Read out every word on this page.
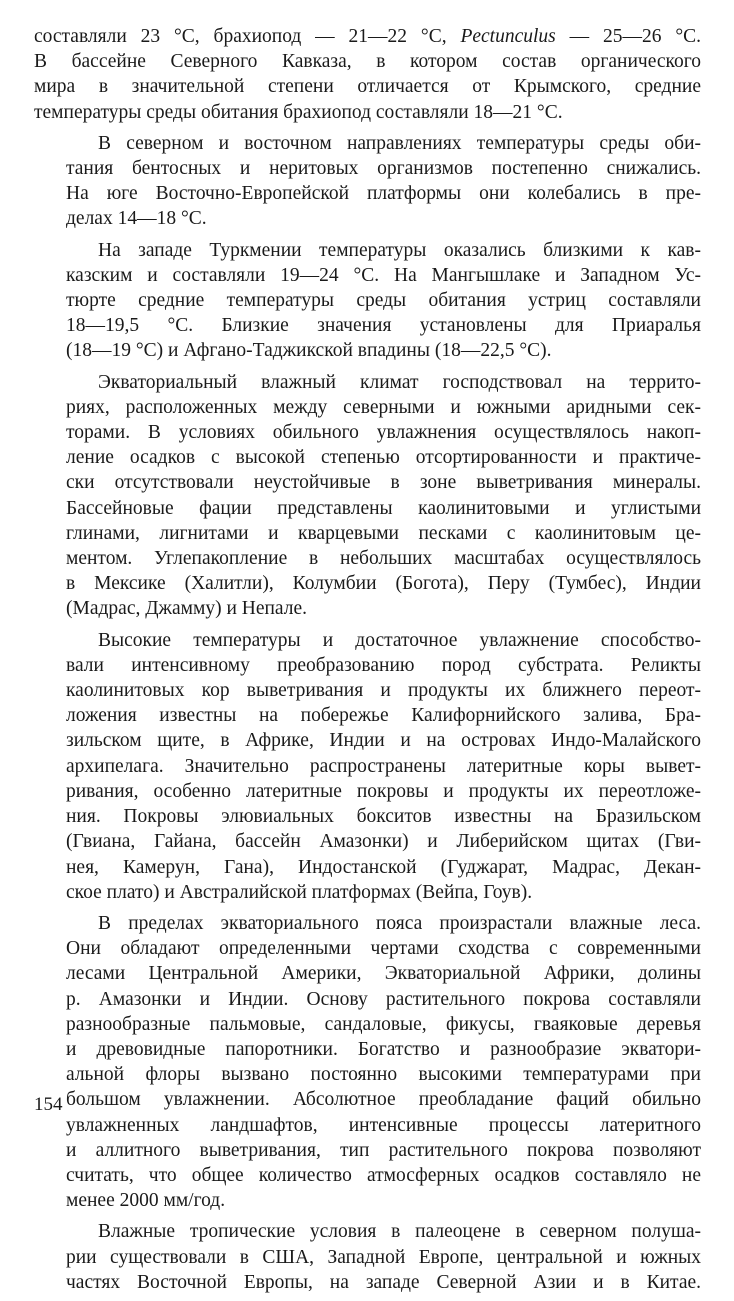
составляли 23 °С, брахиопод — 21—22 °С, Pectunculus — 25—26 °С.
В бассейне Северного Кавказа, в котором состав органического
мира в значительной степени отличается от Крымского, средние
температуры среды обитания брахиопод составляли 18—21 °С.
В северном и восточном направлениях температуры среды оби-
тания бентосных и неритовых организмов постепенно снижались.
На юге Восточно-Европейской платформы они колебались в пре-
делах 14—18 °С.
На западе Туркмении температуры оказались близкими к кав-
казским и составляли 19—24 °С. На Мангышлаке и Западном Ус-
тюрте средние температуры среды обитания устриц составляли
18—19,5 °С. Близкие значения установлены для Приаралья
(18—19 °С) и Афгано-Таджикской впадины (18—22,5 °С).
Экваториальный влажный климат господствовал на террито-
риях, расположенных между северными и южными аридными сек-
торами. В условиях обильного увлажнения осуществлялось накоп-
ление осадков с высокой степенью отсортированности и практиче-
ски отсутствовали неустойчивые в зоне выветривания минералы.
Бассейновые фации представлены каолинитовыми и углистыми
глинами, лигнитами и кварцевыми песками с каолинитовым це-
ментом. Углепакопление в небольших масштабах осуществлялось
в Мексике (Халитли), Колумбии (Богота), Перу (Тумбес), Индии
(Мадрас, Джамму) и Непале.
Высокие температуры и достаточное увлажнение способство-
вали интенсивному преобразованию пород субстрата. Реликты
каолинитовых кор выветривания и продукты их ближнего переот-
ложения известны на побережье Калифорнийского залива, Бра-
зильском щите, в Африке, Индии и на островах Индо-Малайского
архипелага. Значительно распространены латеритные коры вывет-
ривания, особенно латеритные покровы и продукты их переотложе-
ния. Покровы элювиальных бокситов известны на Бразильском
(Гвиана, Гайана, бассейн Амазонки) и Либерийском щитах (Гви-
нея, Камерун, Гана), Индостанской (Гуджарат, Мадрас, Декан-
ское плато) и Австралийской платформах (Вейпа, Гоув).
В пределах экваториального пояса произрастали влажные леса.
Они обладают определенными чертами сходства с современными
лесами Центральной Америки, Экваториальной Африки, долины
р. Амазонки и Индии. Основу растительного покрова составляли
разнообразные пальмовые, сандаловые, фикусы, гваяковые деревья
и древовидные папоротники. Богатство и разнообразие экватори-
альной флоры вызвано постоянно высокими температурами при
большом увлажнении. Абсолютное преобладание фаций обильно
увлажненных ландшафтов, интенсивные процессы латеритного
и аллитного выветривания, тип растительного покрова позволяют
считать, что общее количество атмосферных осадков составляло не
менее 2000 мм/год.
Влажные тропические условия в палеоцене в северном полуша-
рии существовали в США, Западной Европе, центральной и южных
частях Восточной Европы, на западе Северной Азии и в Китае.
154
